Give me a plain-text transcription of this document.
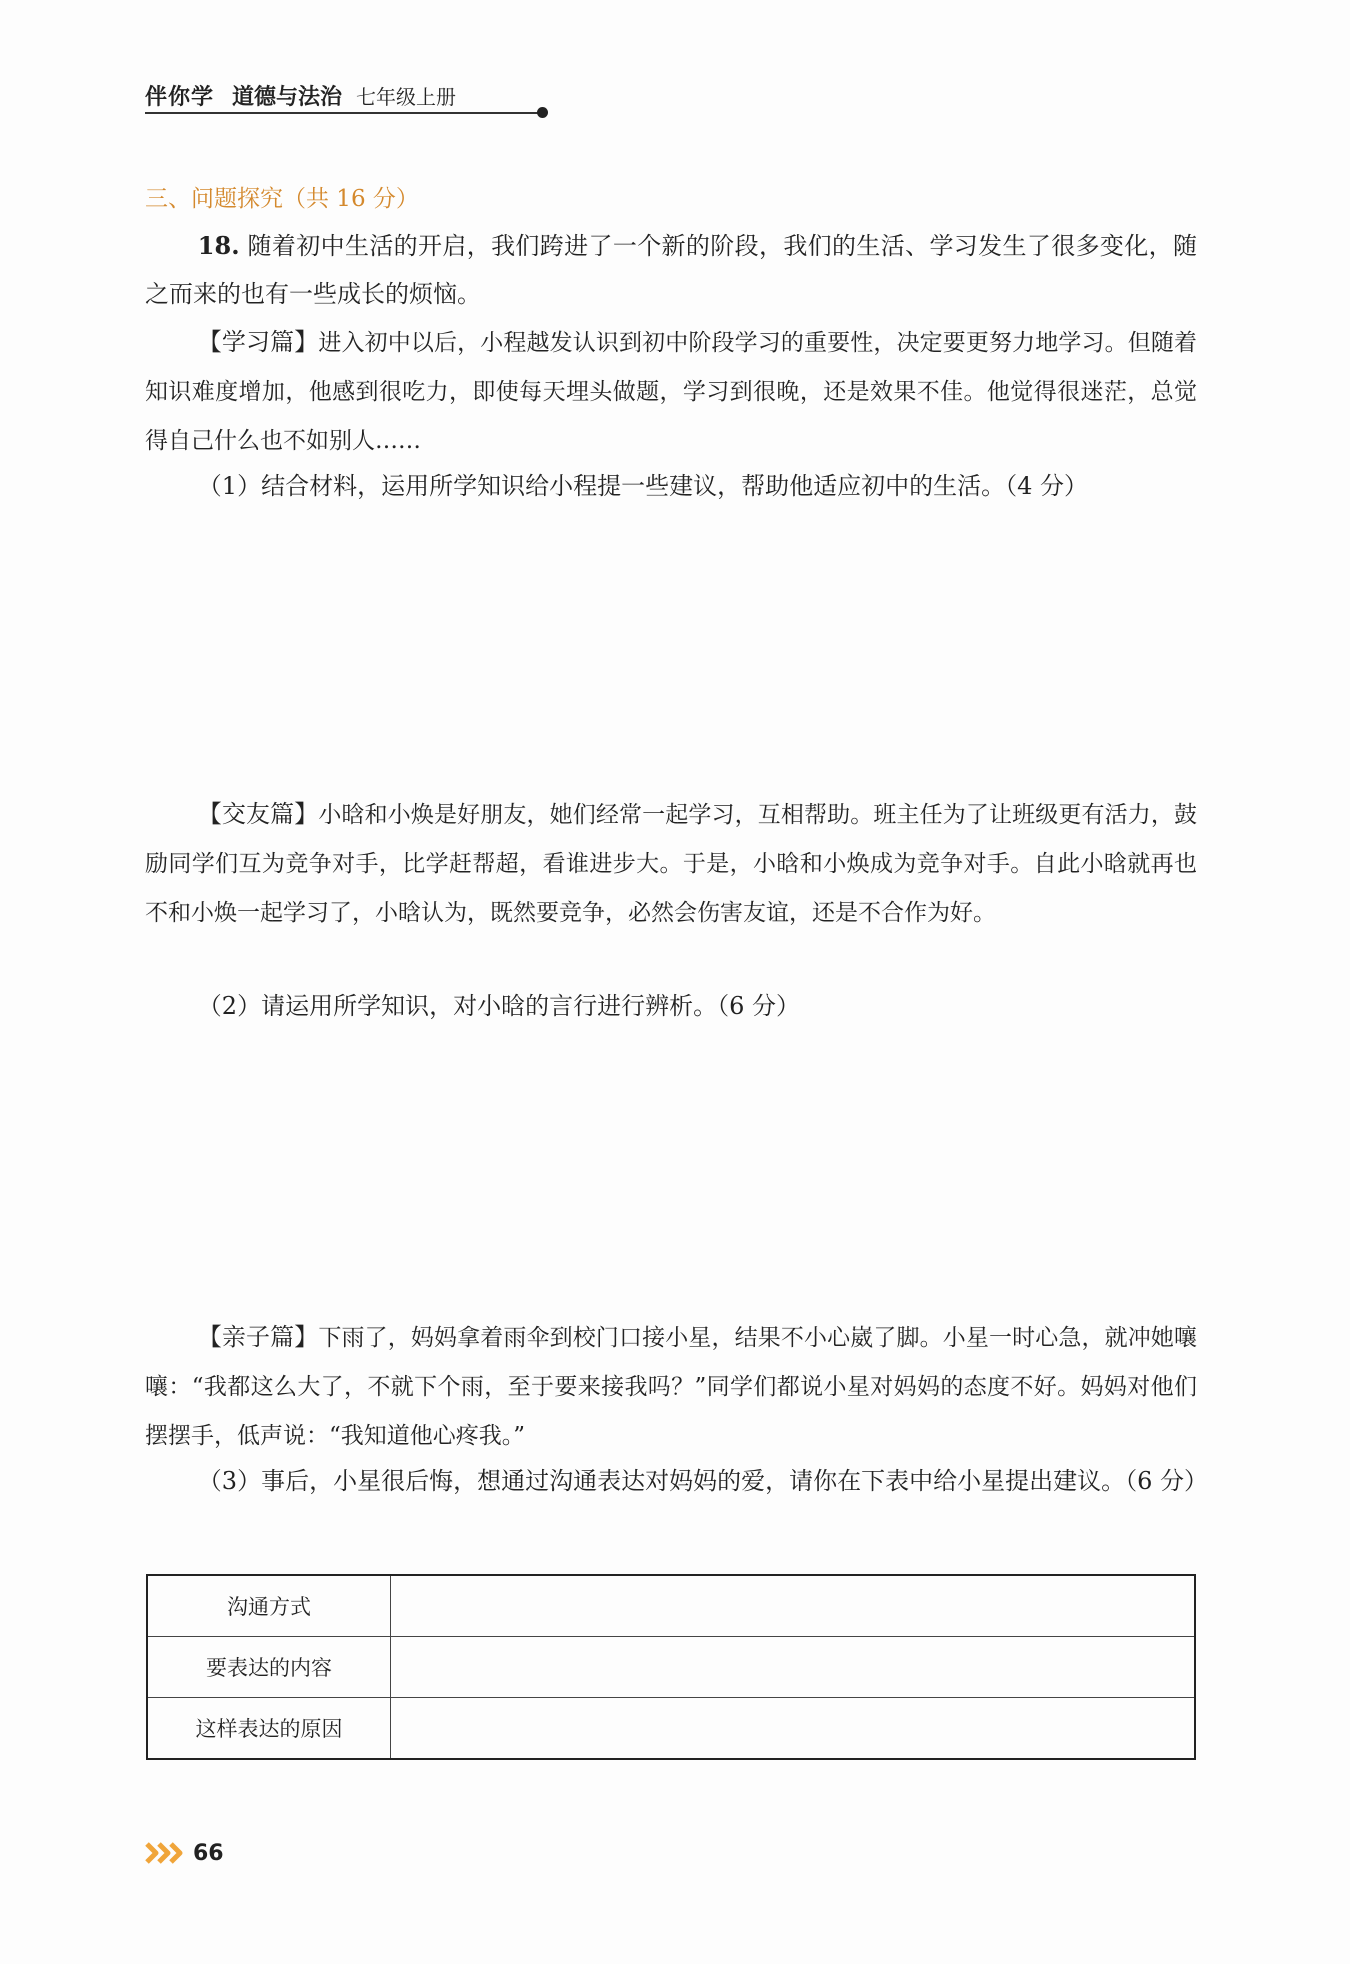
伴你学 道德与法治 七年级上册
三、问题探究（共 16 分）
18. 随着初中生活的开启，我们跨进了一个新的阶段，我们的生活、学习发生了很多变化，随之而来的也有一些成长的烦恼。
【学习篇】进入初中以后，小程越发认识到初中阶段学习的重要性，决定要更努力地学习。但随着知识难度增加，他感到很吃力，即使每天埋头做题，学习到很晚，还是效果不佳。他觉得很迷茫，总觉得自己什么也不如别人……
（1）结合材料，运用所学知识给小程提一些建议，帮助他适应初中的生活。（4 分）
【交友篇】小晗和小焕是好朋友，她们经常一起学习，互相帮助。班主任为了让班级更有活力，鼓励同学们互为竞争对手，比学赶帮超，看谁进步大。于是，小晗和小焕成为竞争对手。自此小晗就再也不和小焕一起学习了，小晗认为，既然要竞争，必然会伤害友谊，还是不合作为好。
（2）请运用所学知识，对小晗的言行进行辨析。（6 分）
【亲子篇】下雨了，妈妈拿着雨伞到校门口接小星，结果不小心崴了脚。小星一时心急，就冲她嚷嚷：“我都这么大了，不就下个雨，至于要来接我吗？”同学们都说小星对妈妈的态度不好。妈妈对他们摆摆手，低声说：“我知道他心疼我。”
（3）事后，小星很后悔，想通过沟通表达对妈妈的爱，请你在下表中给小星提出建议。（6 分）
沟通方式	
要表达的内容	
这样表达的原因	
66
